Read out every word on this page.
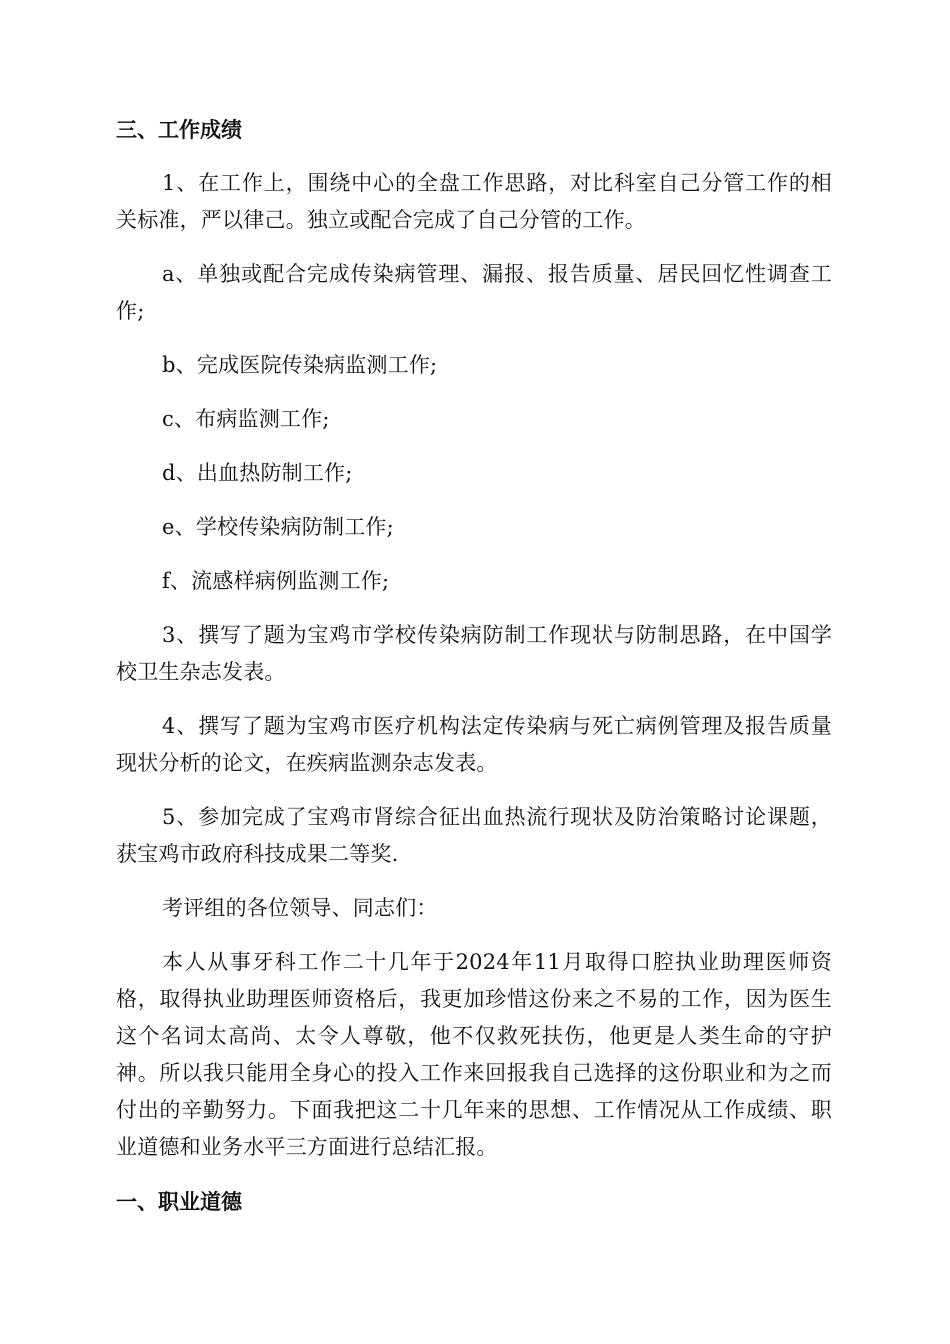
三、工作成绩

1、在工作上，围绕中心的全盘工作思路，对比科室自己分管工作的相关标准，严以律己。独立或配合完成了自己分管的工作。

a、单独或配合完成传染病管理、漏报、报告质量、居民回忆性调查工作;

b、完成医院传染病监测工作;

c、布病监测工作;

d、出血热防制工作;

e、学校传染病防制工作;

f、流感样病例监测工作;

3、撰写了题为宝鸡市学校传染病防制工作现状与防制思路，在中国学校卫生杂志发表。

4、撰写了题为宝鸡市医疗机构法定传染病与死亡病例管理及报告质量现状分析的论文，在疾病监测杂志发表。

5、参加完成了宝鸡市肾综合征出血热流行现状及防治策略讨论课题，获宝鸡市政府科技成果二等奖.

考评组的各位领导、同志们：

本人从事牙科工作二十几年于2024年11月取得口腔执业助理医师资格，取得执业助理医师资格后，我更加珍惜这份来之不易的工作，因为医生这个名词太高尚、太令人尊敬，他不仅救死扶伤，他更是人类生命的守护神。所以我只能用全身心的投入工作来回报我自己选择的这份职业和为之而付出的辛勤努力。下面我把这二十几年来的思想、工作情况从工作成绩、职业道德和业务水平三方面进行总结汇报。

一、职业道德
